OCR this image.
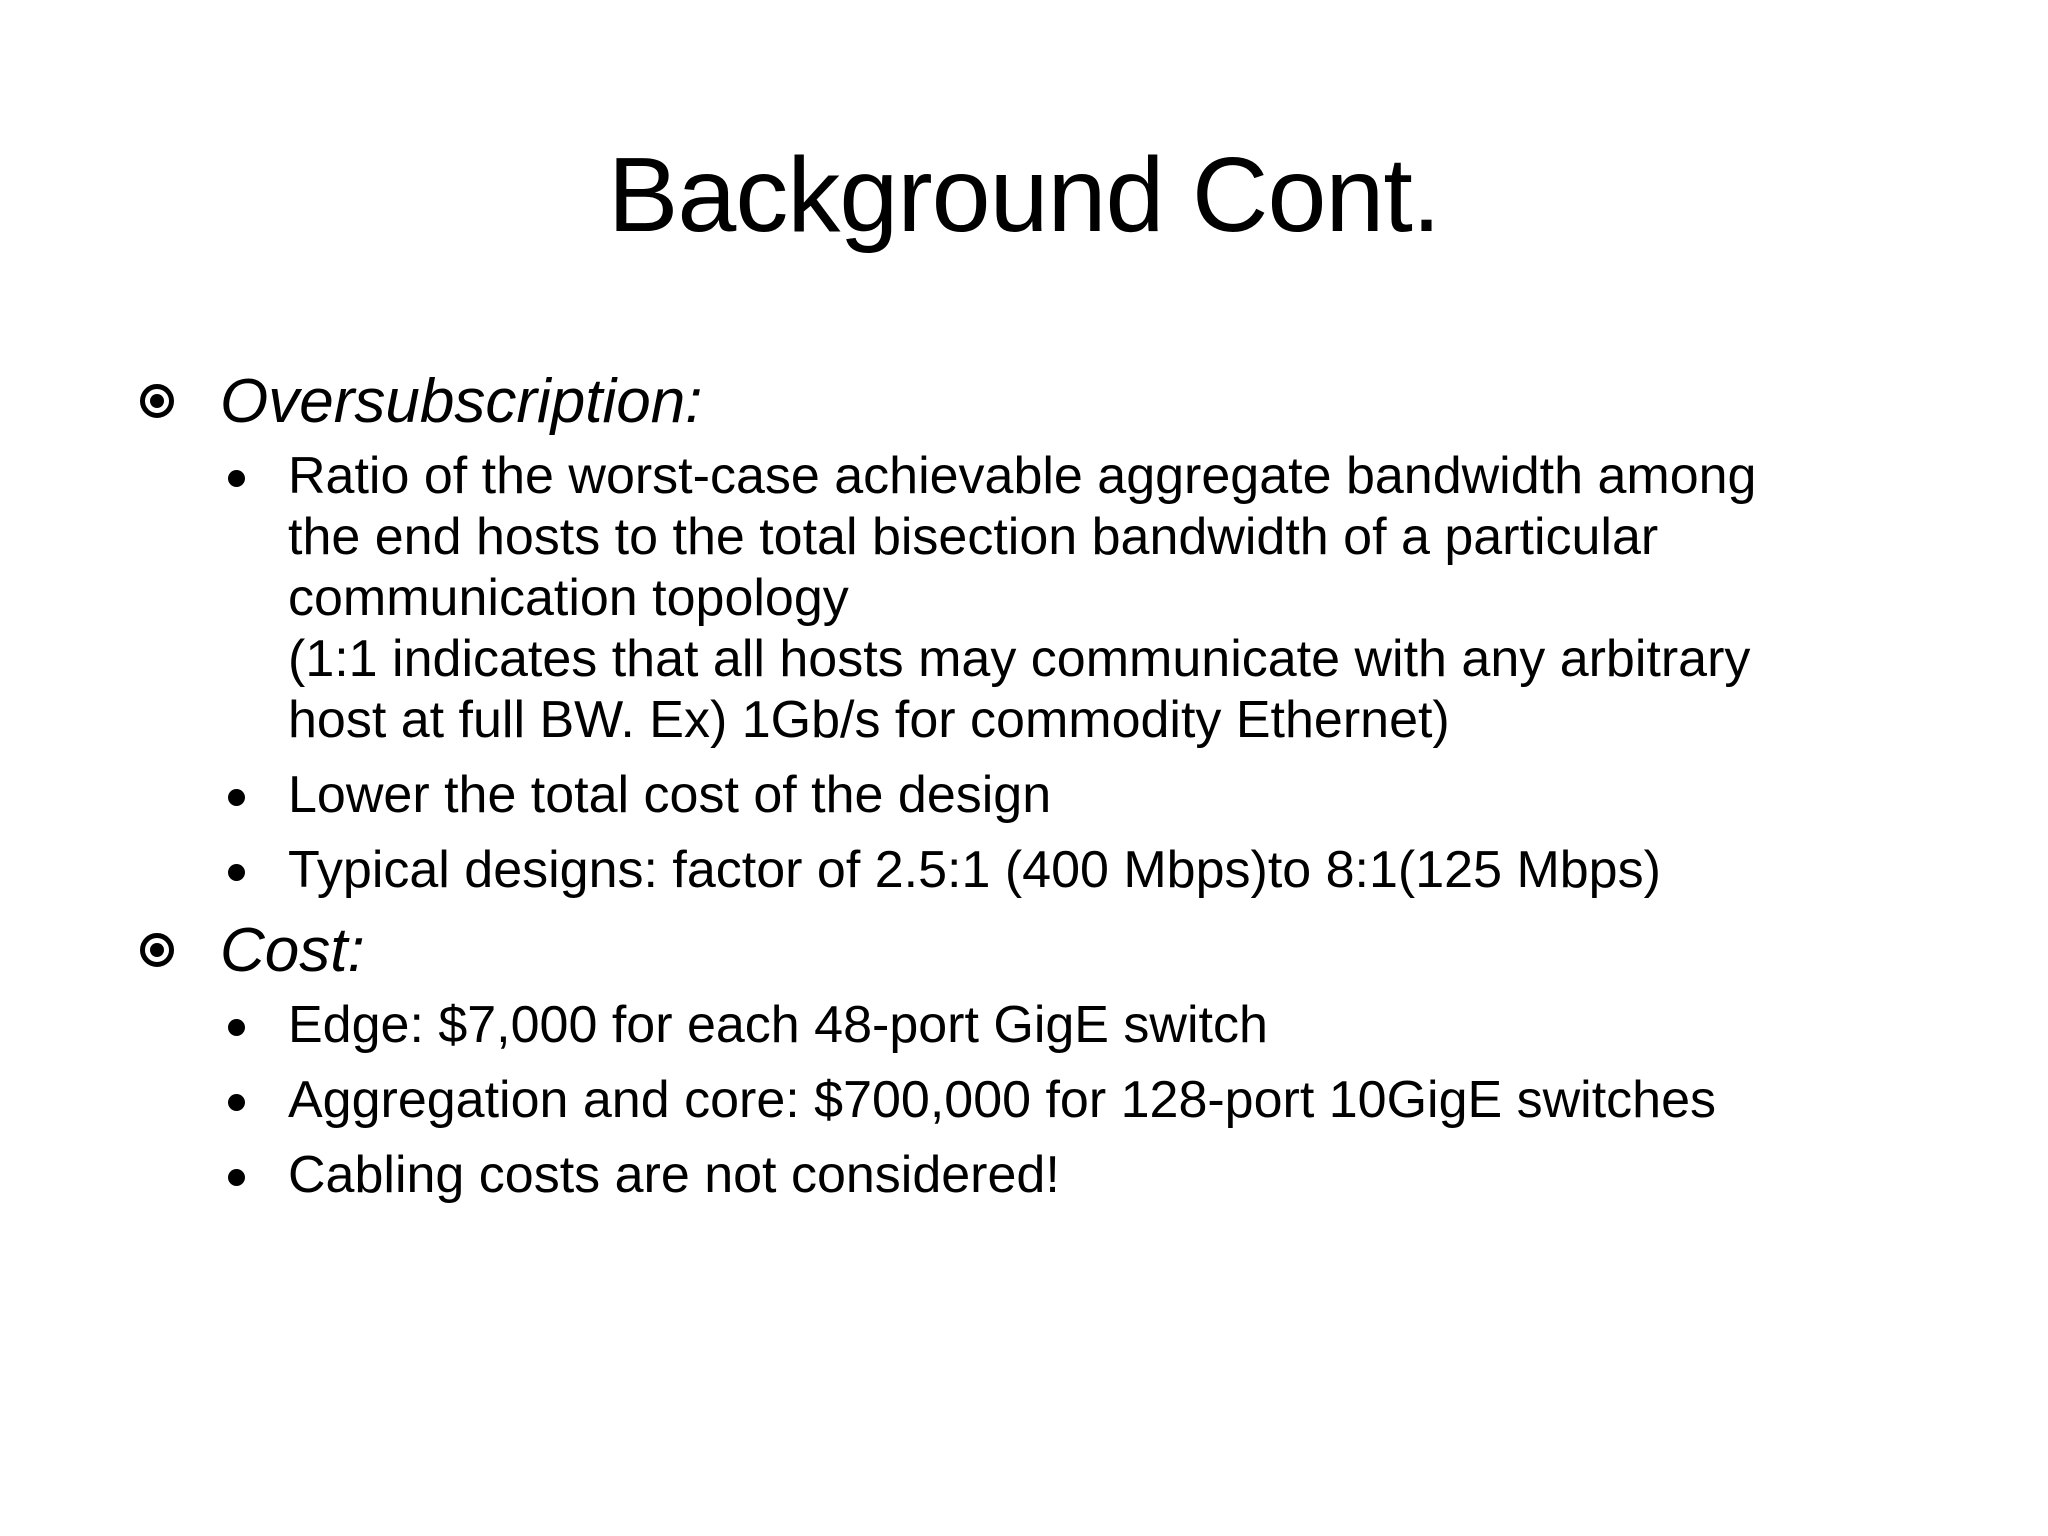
Background Cont.
Oversubscription:
Ratio of the worst-case achievable aggregate bandwidth among
the end hosts to the total bisection bandwidth of a particular
communication topology
(1:1 indicates that all hosts may communicate with any arbitrary
host at full BW. Ex) 1Gb/s for commodity Ethernet)
Lower the total cost of the design
Typical designs: factor of 2.5:1 (400 Mbps)to 8:1(125 Mbps)
Cost:
Edge: $7,000 for each 48-port GigE switch
Aggregation and core: $700,000 for 128-port 10GigE switches
Cabling costs are not considered!
